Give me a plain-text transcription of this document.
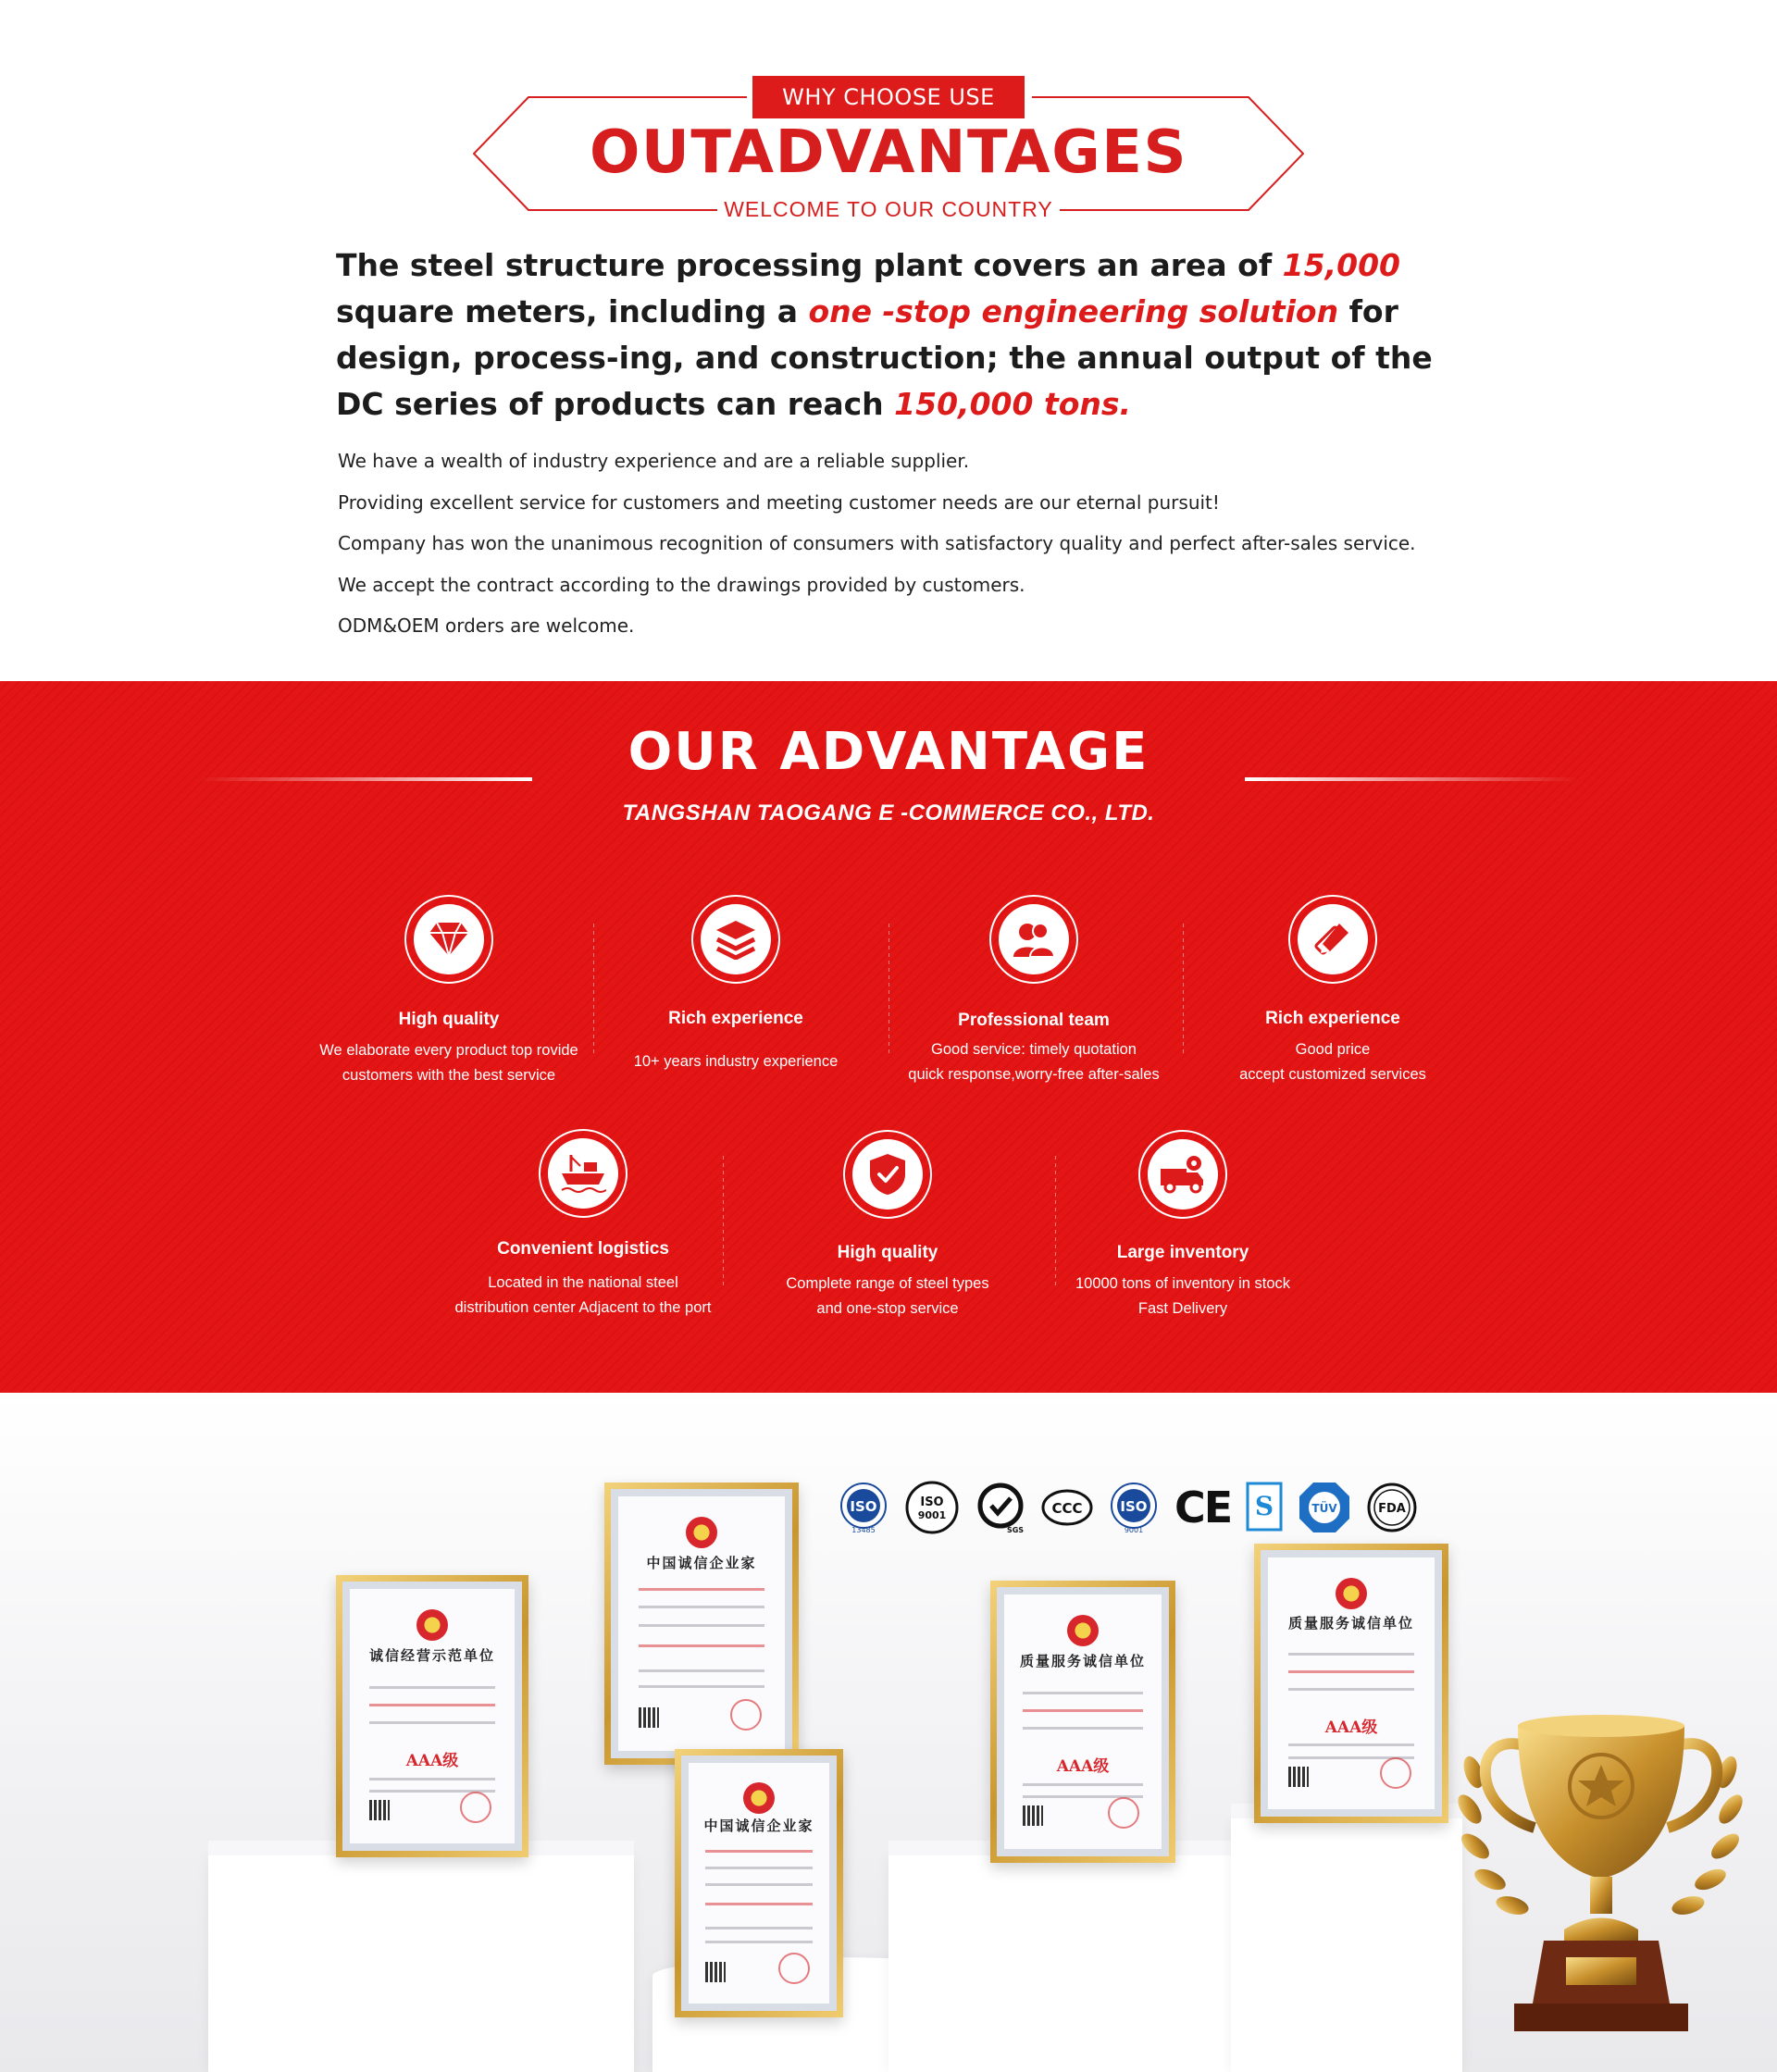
WHY CHOOSE USE
OUTADVANTAGES
WELCOME TO OUR COUNTRY

The steel structure processing plant covers an area of 15,000 square meters, including a one -stop engineering solution for design, process-ing, and construction; the annual output of the DC series of products can reach 150,000 tons.

We have a wealth of industry experience and are a reliable supplier.
Providing excellent service for customers and meeting customer needs are our eternal pursuit!
Company has won the unanimous recognition of consumers with satisfactory quality and perfect after-sales service.
We accept the contract according to the drawings provided by customers.
ODM&OEM orders are welcome.
OUR ADVANTAGE
TANGSHAN TAOGANG E -COMMERCE CO., LTD.
High quality
We elaborate every product top rovide
customers with the best service
Rich experience
10+ years industry experience
Professional team
Good service: timely quotation
quick response,worry-free after-sales
Rich experience
Good price
accept customized services
Convenient logistics
Located in the national steel
distribution center Adjacent to the port
High quality
Complete range of steel types
and one-stop service
Large inventory
10000 tons of inventory in stock
Fast Delivery
ISO
13485
ISO
9001
SGS
CCC	ISO
9001 CE S	TÜV	FDA
诚信经营示范单位
AAA级
中国诚信企业家
中国诚信企业家
质量服务诚信单位
AAA级
质量服务诚信单位
AAA级
